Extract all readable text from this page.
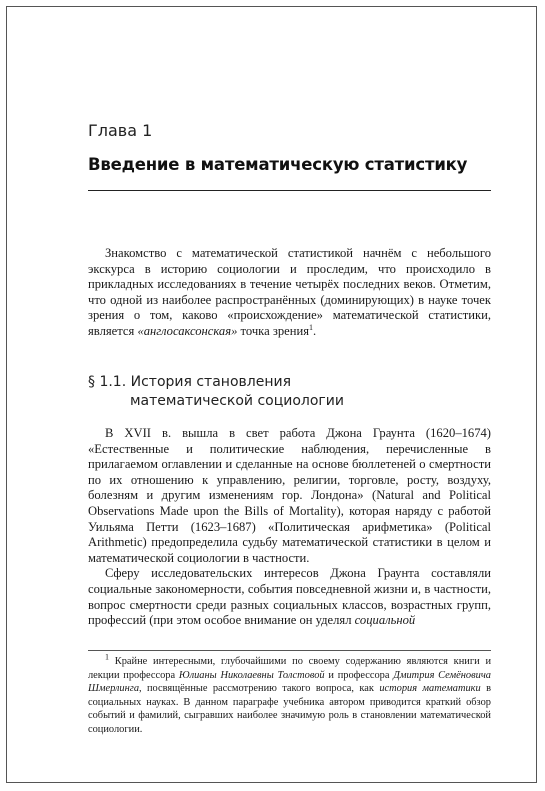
Глава 1
Введение в математическую статистику

Знакомство с математической статистикой начнём с небольшого экскурса в историю социологии и проследим, что происходило в прикладных исследованиях в течение четырёх последних веков. Отметим, что одной из наиболее распространённых (доминирующих) в науке точек зрения о том, каково «происхождение» математической статистики, является «англосаксонская» точка зрения$^1$.

§ 1.1. История становления
математической социологии

В XVII в. вышла в свет работа Джона Граунта (1620–1674) «Естественные и политические наблюдения, перечисленные в прилагаемом оглавлении и сделанные на основе бюллетеней о смертности по их отношению к управлению, религии, торговле, росту, воздуху, болезням и другим изменениям гор. Лондона» (Natural and Political Observations Made upon the Bills of Mortality), которая наряду с работой Уильяма Петти (1623–1687) «Политическая арифметика» (Political Arithmetic) предопределила судьбу математической статистики в целом и математической социологии в частности.

Сферу исследовательских интересов Джона Граунта составляли социальные закономерности, события повседневной жизни и, в частности, вопрос смертности среди разных социальных классов, возрастных групп, профессий (при этом особое внимание он уделял социальной

$^1$ Крайне интересными, глубочайшими по своему содержанию являются книги и лекции профессора Юлианы Николаевны Толстовой и профессора Дмитрия Семёновича Шмерлинга, посвящённые рассмотрению такого вопроса, как история математики в социальных науках. В данном параграфе учебника автором приводится краткий обзор событий и фамилий, сыгравших наиболее значимую роль в становлении математической социологии.
